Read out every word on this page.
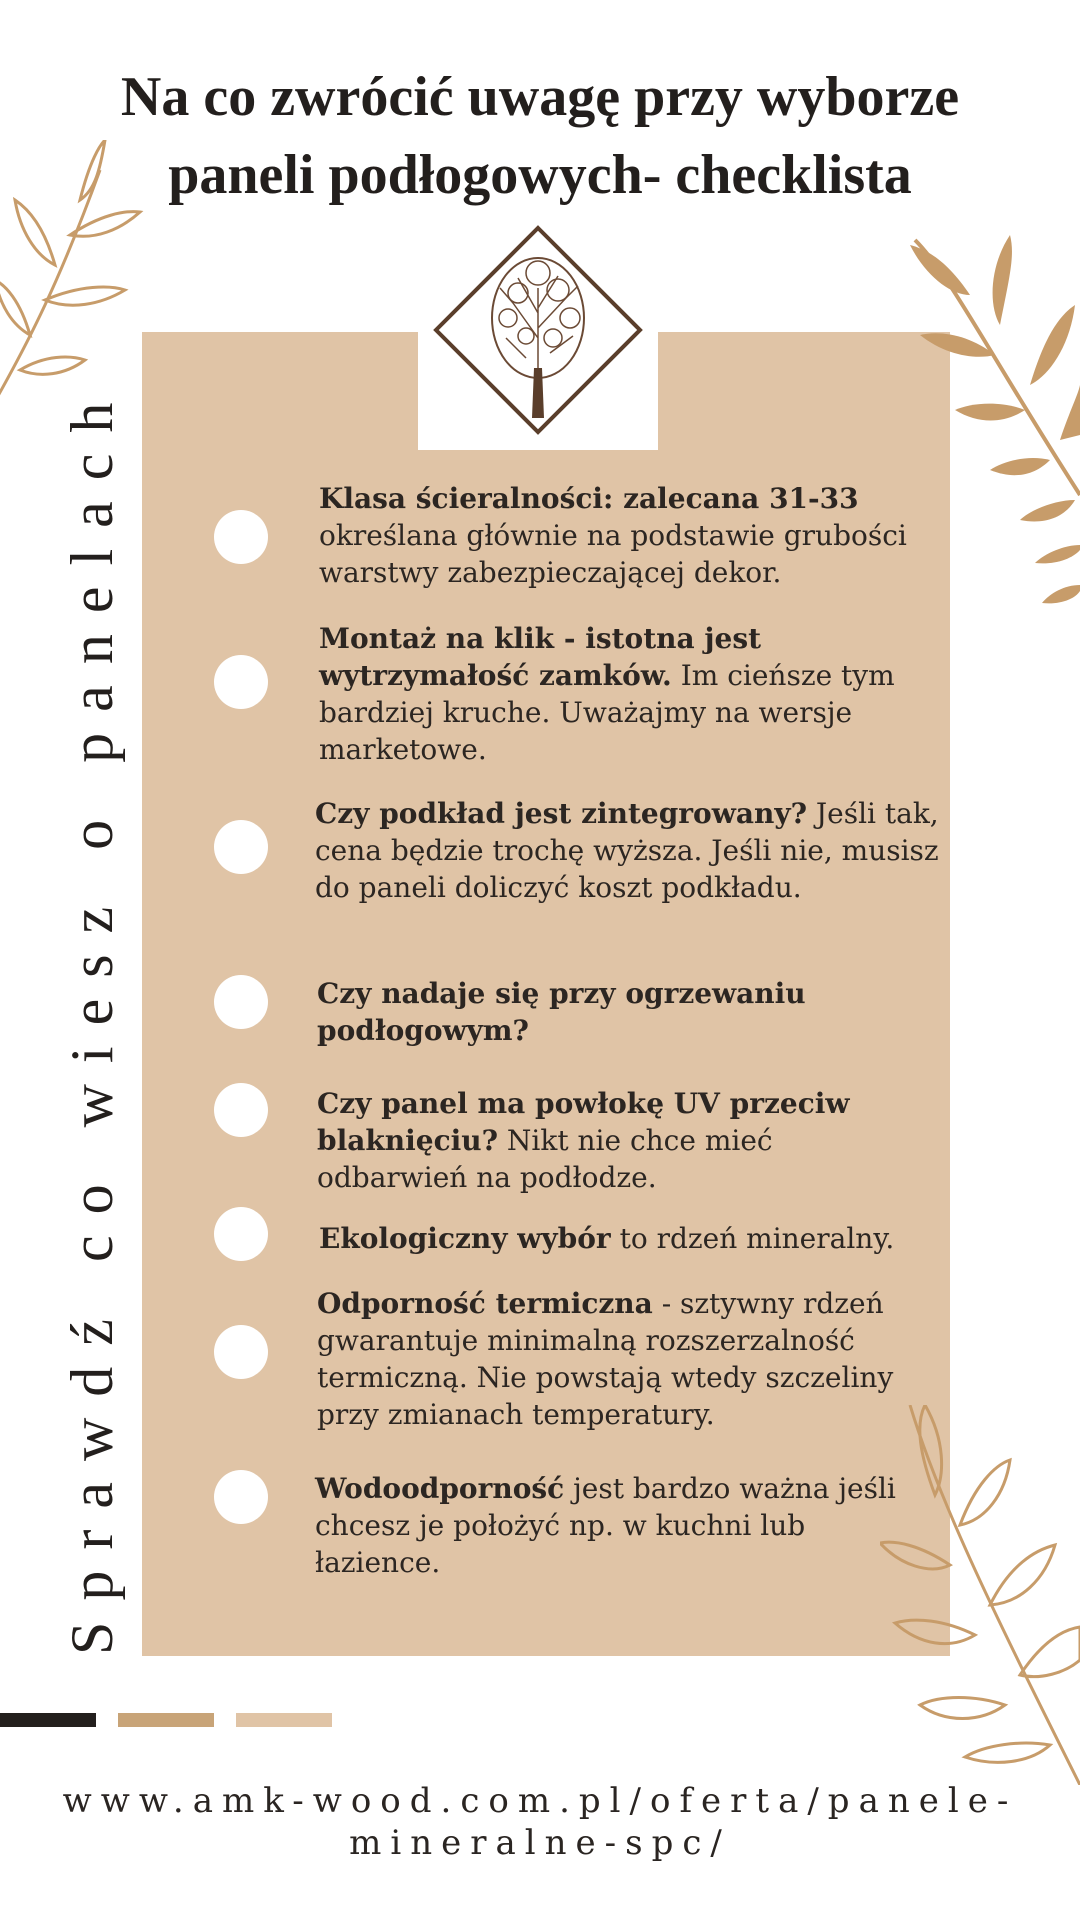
Na co zwrócić uwagę przy wyborze
paneli podłogowych- checklista
Sprawdź co wiesz o panelach	Klasa ścieralności: zalecana 31-33 określana głównie na podstawie grubości warstwy zabezpieczającej dekor.
Montaż na klik - istotna jest wytrzymałość zamków. Im cieńsze tym bardziej kruche. Uważajmy na wersje marketowe.
Czy podkład jest zintegrowany? Jeśli tak, cena będzie trochę wyższa. Jeśli nie, musisz do paneli doliczyć koszt podkładu.
Czy nadaje się przy ogrzewaniu podłogowym?
Czy panel ma powłokę UV przeciw blaknięciu? Nikt nie chce mieć odbarwień na podłodze.
Ekologiczny wybór to rdzeń mineralny.
Odporność termiczna - sztywny rdzeń gwarantuje minimalną rozszerzalność termiczną. Nie powstają wtedy szczeliny przy zmianach temperatury.
Wodoodporność jest bardzo ważna jeśli chcesz je położyć np. w kuchni lub łazience.
www.amk-wood.com.pl/oferta/panele-
mineralne-spc/
